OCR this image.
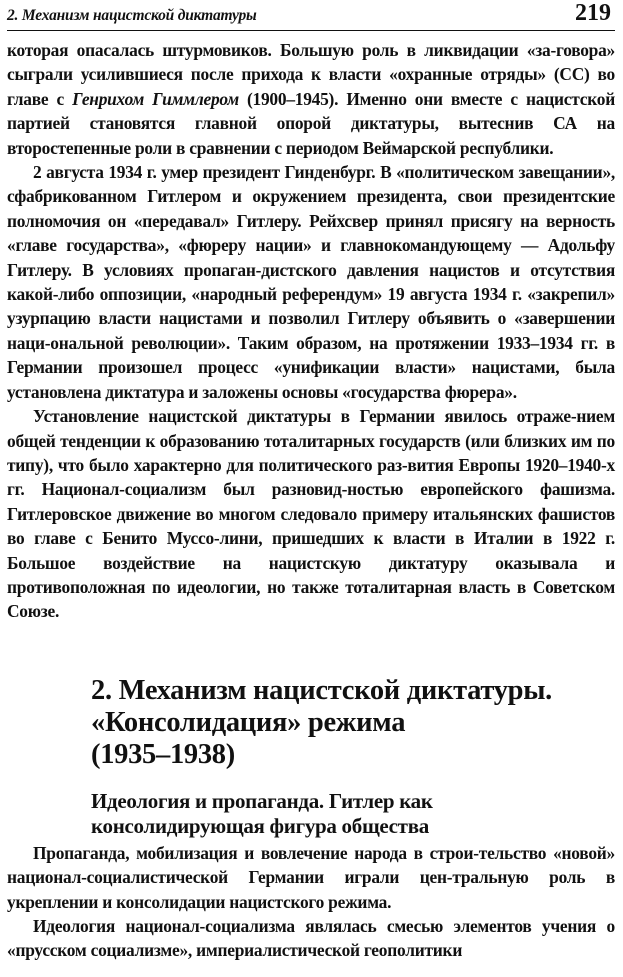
2. Механизм нацистской диктатуры	219

которая опасалась штурмовиков. Большую роль в ликвидации «за-говора» сыграли усилившиеся после прихода к власти «охранные отряды» (СС) во главе с Генрихом Гиммлером (1900–1945). Именно они вместе с нацистской партией становятся главной опорой диктатуры, вытеснив СА на второстепенные роли в сравнении с периодом Веймарской республики.

2 августа 1934 г. умер президент Гинденбург. В «политическом завещании», сфабрикованном Гитлером и окружением президента, свои президентские полномочия он «передавал» Гитлеру. Рейхсвер принял присягу на верность «главе государства», «фюреру нации» и главнокомандующему — Адольфу Гитлеру. В условиях пропаган-дистского давления нацистов и отсутствия какой-либо оппозиции, «народный референдум» 19 августа 1934 г. «закрепил» узурпацию власти нацистами и позволил Гитлеру объявить о «завершении наци-ональной революции». Таким образом, на протяжении 1933–1934 гг. в Германии произошел процесс «унификации власти» нацистами, была установлена диктатура и заложены основы «государства фюрера».

Установление нацистской диктатуры в Германии явилось отраже-нием общей тенденции к образованию тоталитарных государств (или близких им по типу), что было характерно для политического раз-вития Европы 1920–1940-х гг. Национал-социализм был разновид-ностью европейского фашизма. Гитлеровское движение во многом следовало примеру итальянских фашистов во главе с Бенито Муссо-лини, пришедших к власти в Италии в 1922 г. Большое воздействие на нацистскую диктатуру оказывала и противоположная по идеологии, но также тоталитарная власть в Советском Союзе.

2. Механизм нацистской диктатуры.
«Консолидация» режима
(1935–1938)
Идеология и пропаганда. Гитлер как
консолидирующая фигура общества

Пропаганда, мобилизация и вовлечение народа в строи-тельство «новой» национал-социалистической Германии играли цен-тральную роль в укреплении и консолидации нацистского режима.

Идеология национал-социализма являлась смесью элементов учения о «прусском социализме», империалистической геополитики
